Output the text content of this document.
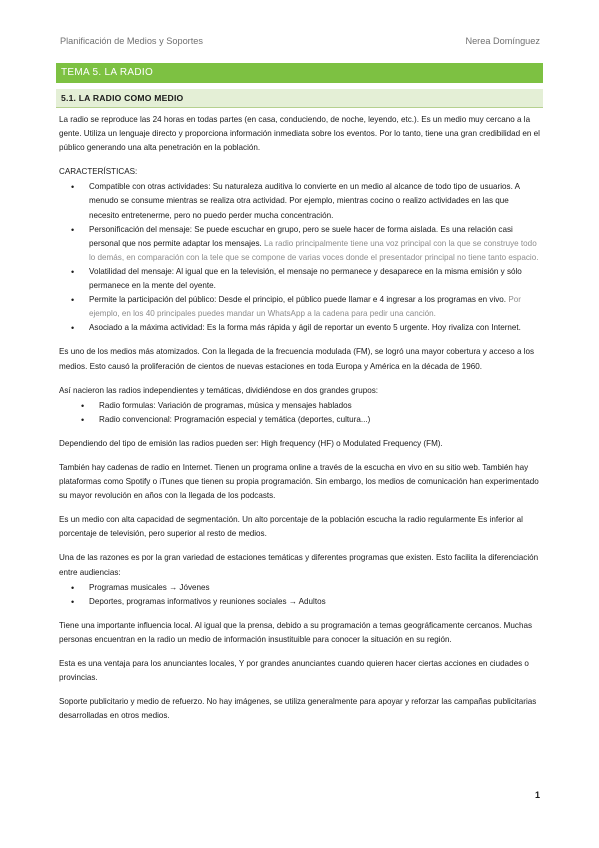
Planificación de Medios y Soportes	Nerea Domínguez
TEMA 5. LA RADIO
5.1. LA RADIO COMO MEDIO

La radio se reproduce las 24 horas en todas partes (en casa, conduciendo, de noche, leyendo, etc.). Es un medio muy cercano a la gente. Utiliza un lenguaje directo y proporciona información inmediata sobre los eventos. Por lo tanto, tiene una gran credibilidad en el público generando una alta penetración en la población.

CARACTERÍSTICAS:

• Compatible con otras actividades: Su naturaleza auditiva lo convierte en un medio al alcance de todo tipo de usuarios. A menudo se consume mientras se realiza otra actividad. Por ejemplo, mientras cocino o realizo actividades en las que necesito entretenerme, pero no puedo perder mucha concentración.
• Personificación del mensaje: Se puede escuchar en grupo, pero se suele hacer de forma aislada. Es una relación casi personal que nos permite adaptar los mensajes. La radio principalmente tiene una voz principal con la que se construye todo lo demás, en comparación con la tele que se compone de varias voces donde el presentador principal no tiene tanto espacio.
• Volatilidad del mensaje: Al igual que en la televisión, el mensaje no permanece y desaparece en la misma emisión y sólo permanece en la mente del oyente.
• Permite la participación del público: Desde el principio, el público puede llamar e 4 ingresar a los programas en vivo. Por ejemplo, en los 40 principales puedes mandar un WhatsApp a la cadena para pedir una canción.
• Asociado a la máxima actividad: Es la forma más rápida y ágil de reportar un evento 5 urgente. Hoy rivaliza con Internet.

Es uno de los medios más atomizados. Con la llegada de la frecuencia modulada (FM), se logró una mayor cobertura y acceso a los medios. Esto causó la proliferación de cientos de nuevas estaciones en toda Europa y América en la década de 1960.

Así nacieron las radios independientes y temáticas, dividiéndose en dos grandes grupos:

• Radio formulas: Variación de programas, música y mensajes hablados
• Radio convencional: Programación especial y temática (deportes, cultura...)

Dependiendo del tipo de emisión las radios pueden ser: High frequency (HF) o Modulated Frequency (FM).

También hay cadenas de radio en Internet. Tienen un programa online a través de la escucha en vivo en su sitio web. También hay plataformas como Spotify o iTunes que tienen su propia programación. Sin embargo, los medios de comunicación han experimentado su mayor revolución en años con la llegada de los podcasts.

Es un medio con alta capacidad de segmentación. Un alto porcentaje de la población escucha la radio regularmente Es inferior al porcentaje de televisión, pero superior al resto de medios.

Una de las razones es por la gran variedad de estaciones temáticas y diferentes programas que existen. Esto facilita la diferenciación entre audiencias:

• Programas musicales → Jóvenes
• Deportes, programas informativos y reuniones sociales → Adultos

Tiene una importante influencia local. Al igual que la prensa, debido a su programación a temas geográficamente cercanos. Muchas personas encuentran en la radio un medio de información insustituible para conocer la situación en su región.

Esta es una ventaja para los anunciantes locales, Y por grandes anunciantes cuando quieren hacer ciertas acciones en ciudades o provincias.

Soporte publicitario y medio de refuerzo. No hay imágenes, se utiliza generalmente para apoyar y reforzar las campañas publicitarias desarrolladas en otros medios.

1
